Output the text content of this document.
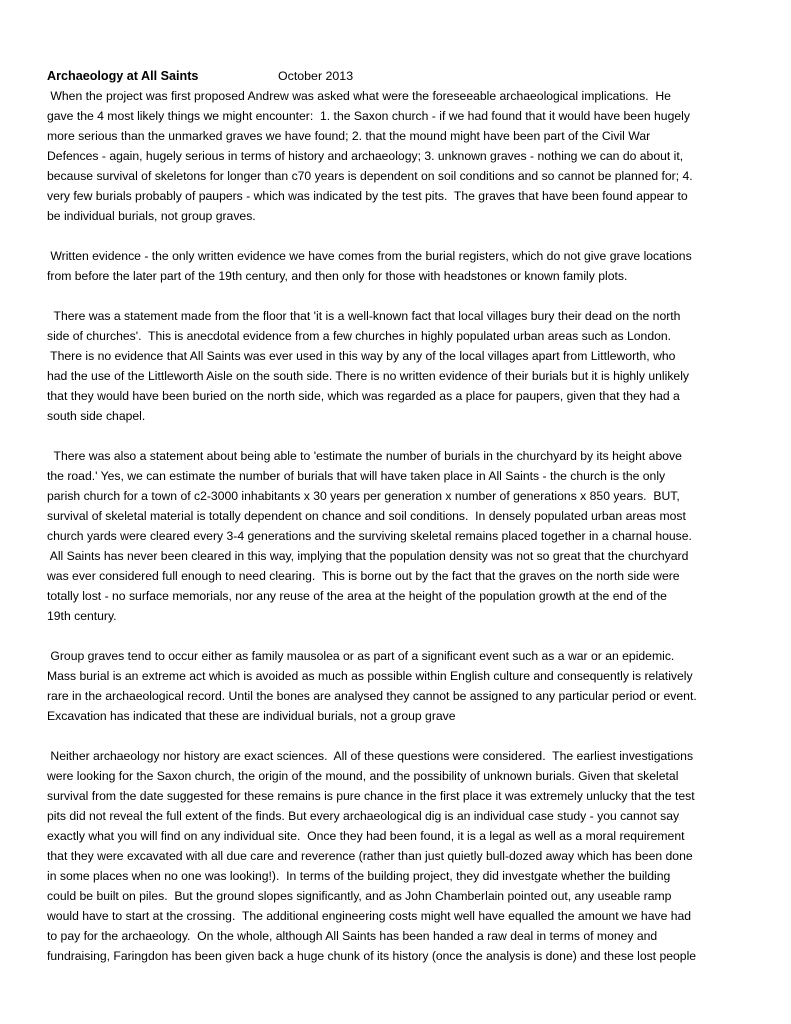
Archaeology at All Saints	October 2013
When the project was first proposed Andrew was asked what were the foreseeable archaeological implications.  He
gave the 4 most likely things we might encounter:  1. the Saxon church - if we had found that it would have been hugely
more serious than the unmarked graves we have found; 2. that the mound might have been part of the Civil War
Defences - again, hugely serious in terms of history and archaeology; 3. unknown graves - nothing we can do about it,
because survival of skeletons for longer than c70 years is dependent on soil conditions and so cannot be planned for; 4.
very few burials probably of paupers - which was indicated by the test pits.  The graves that have been found appear to
be individual burials, not group graves.
Written evidence - the only written evidence we have comes from the burial registers, which do not give grave locations
from before the later part of the 19th century, and then only for those with headstones or known family plots.
There was a statement made from the floor that 'it is a well-known fact that local villages bury their dead on the north
side of churches'.  This is anecdotal evidence from a few churches in highly populated urban areas such as London.
There is no evidence that All Saints was ever used in this way by any of the local villages apart from Littleworth, who
had the use of the Littleworth Aisle on the south side. There is no written evidence of their burials but it is highly unlikely
that they would have been buried on the north side, which was regarded as a place for paupers, given that they had a
south side chapel.
There was also a statement about being able to 'estimate the number of burials in the churchyard by its height above
the road.' Yes, we can estimate the number of burials that will have taken place in All Saints - the church is the only
parish church for a town of c2-3000 inhabitants x 30 years per generation x number of generations x 850 years.  BUT,
survival of skeletal material is totally dependent on chance and soil conditions.  In densely populated urban areas most
church yards were cleared every 3-4 generations and the surviving skeletal remains placed together in a charnal house.
All Saints has never been cleared in this way, implying that the population density was not so great that the churchyard
was ever considered full enough to need clearing.  This is borne out by the fact that the graves on the north side were
totally lost - no surface memorials, nor any reuse of the area at the height of the population growth at the end of the
19th century.
Group graves tend to occur either as family mausolea or as part of a significant event such as a war or an epidemic.
Mass burial is an extreme act which is avoided as much as possible within English culture and consequently is relatively
rare in the archaeological record. Until the bones are analysed they cannot be assigned to any particular period or event.
Excavation has indicated that these are individual burials, not a group grave
Neither archaeology nor history are exact sciences.  All of these questions were considered.  The earliest investigations
were looking for the Saxon church, the origin of the mound, and the possibility of unknown burials. Given that skeletal
survival from the date suggested for these remains is pure chance in the first place it was extremely unlucky that the test
pits did not reveal the full extent of the finds. But every archaeological dig is an individual case study - you cannot say
exactly what you will find on any individual site.  Once they had been found, it is a legal as well as a moral requirement
that they were excavated with all due care and reverence (rather than just quietly bull-dozed away which has been done
in some places when no one was looking!).  In terms of the building project, they did investgate whether the building
could be built on piles.  But the ground slopes significantly, and as John Chamberlain pointed out, any useable ramp
would have to start at the crossing.  The additional engineering costs might well have equalled the amount we have had
to pay for the archaeology.  On the whole, although All Saints has been handed a raw deal in terms of money and
fundraising, Faringdon has been given back a huge chunk of its history (once the analysis is done) and these lost people
